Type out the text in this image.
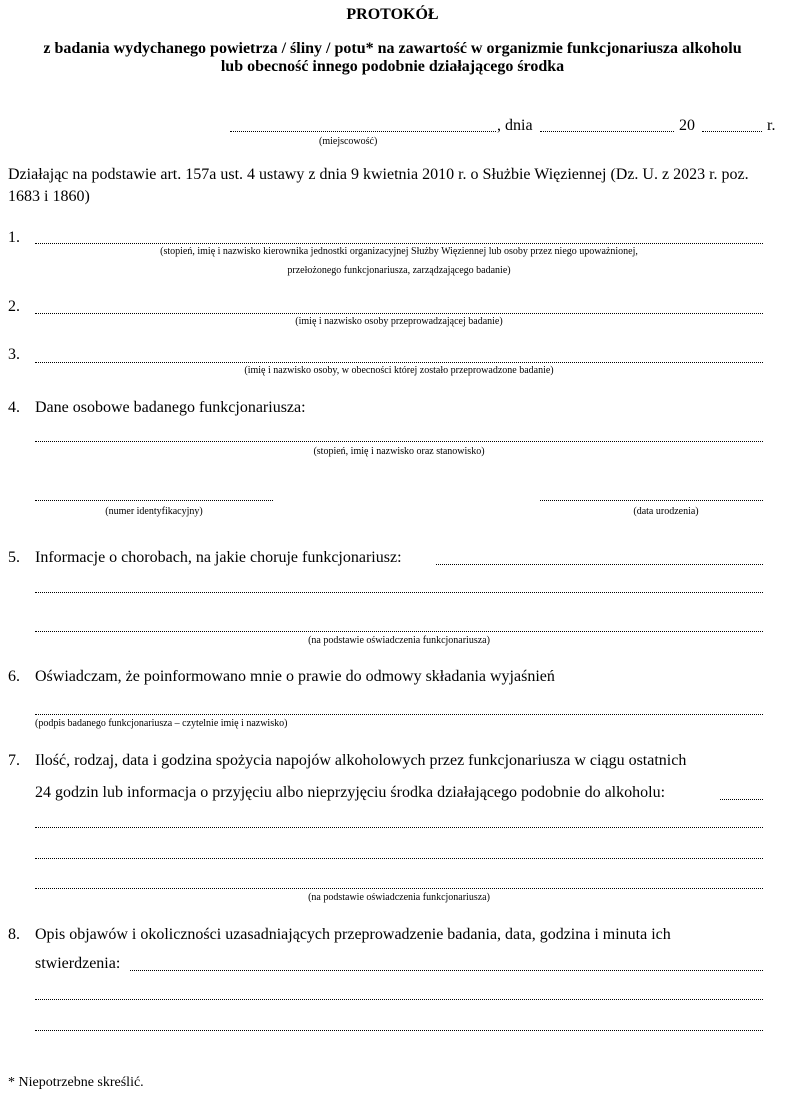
PROTOKÓŁ
z badania wydychanego powietrza / śliny / potu* na zawartość w organizmie funkcjonariusza alkoholu
lub obecność innego podobnie działającego środka
, dnia	20	r.
(miejscowość)
Działając na podstawie art. 157a ust. 4 ustawy z dnia 9 kwietnia 2010 r. o Służbie Więziennej (Dz. U. z 2023 r. poz. 1683 i 1860)
1.
(stopień, imię i nazwisko kierownika jednostki organizacyjnej Służby Więziennej lub osoby przez niego upoważnionej,
przełożonego funkcjonariusza, zarządzającego badanie)
2.
(imię i nazwisko osoby przeprowadzającej badanie)
3.
(imię i nazwisko osoby, w obecności której zostało przeprowadzone badanie)
4. Dane osobowe badanego funkcjonariusza:
(stopień, imię i nazwisko oraz stanowisko)
(numer identyfikacyjny)	(data urodzenia)
5. Informacje o chorobach, na jakie choruje funkcjonariusz:
(na podstawie oświadczenia funkcjonariusza)
6. Oświadczam, że poinformowano mnie o prawie do odmowy składania wyjaśnień
(podpis badanego funkcjonariusza – czytelnie imię i nazwisko)
7. Ilość, rodzaj, data i godzina spożycia napojów alkoholowych przez funkcjonariusza w ciągu ostatnich
24 godzin lub informacja o przyjęciu albo nieprzyjęciu środka działającego podobnie do alkoholu:
(na podstawie oświadczenia funkcjonariusza)
8. Opis objawów i okoliczności uzasadniających przeprowadzenie badania, data, godzina i minuta ich
stwierdzenia:
* Niepotrzebne skreślić.
